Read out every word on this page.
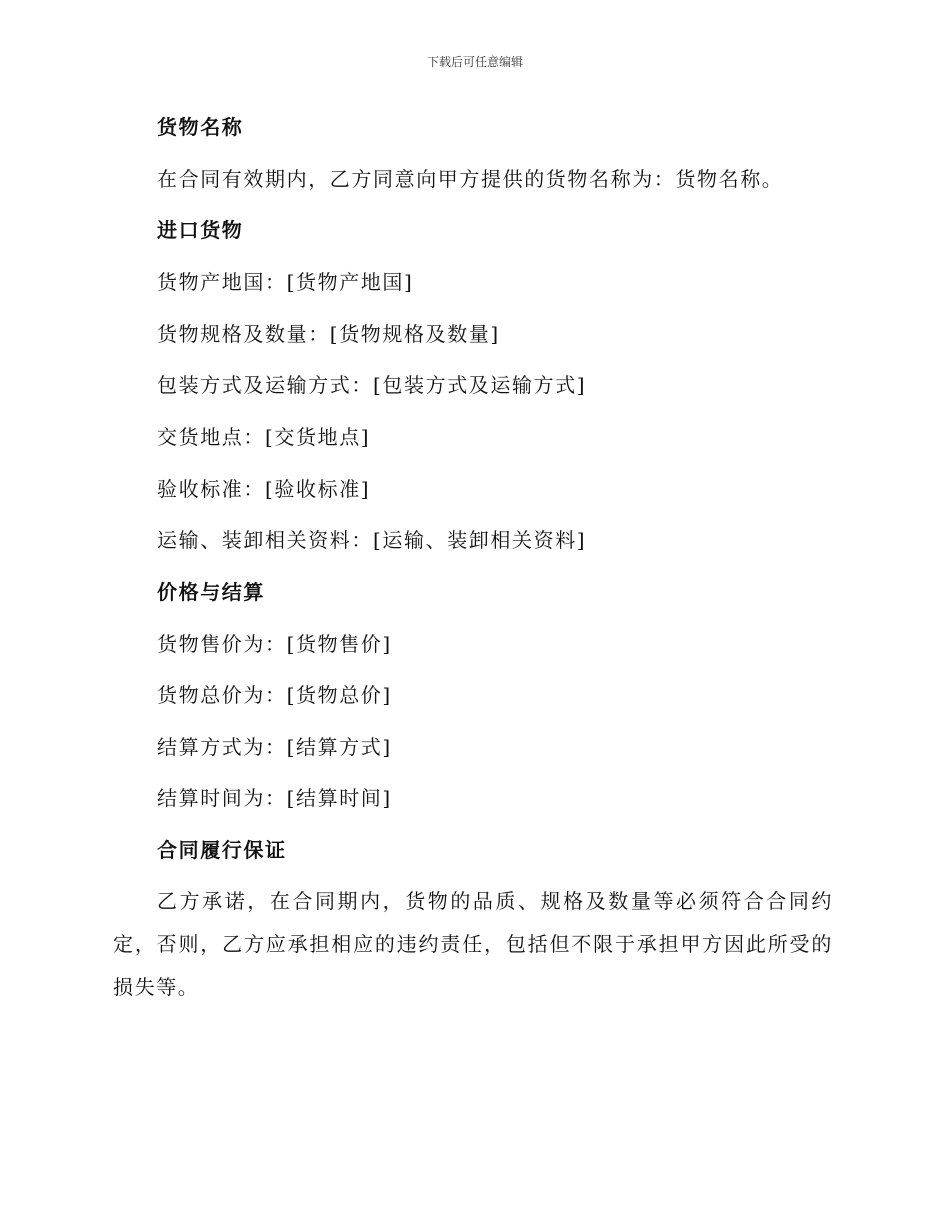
下载后可任意编辑
货物名称
在合同有效期内，乙方同意向甲方提供的货物名称为：货物名称。
进口货物
货物产地国：[货物产地国]
货物规格及数量：[货物规格及数量]
包装方式及运输方式：[包装方式及运输方式]
交货地点：[交货地点]
验收标准：[验收标准]
运输、装卸相关资料：[运输、装卸相关资料]
价格与结算
货物售价为：[货物售价]
货物总价为：[货物总价]
结算方式为：[结算方式]
结算时间为：[结算时间]
合同履行保证
乙方承诺，在合同期内，货物的品质、规格及数量等必须符合合同约定，否则，乙方应承担相应的违约责任，包括但不限于承担甲方因此所受的损失等。
